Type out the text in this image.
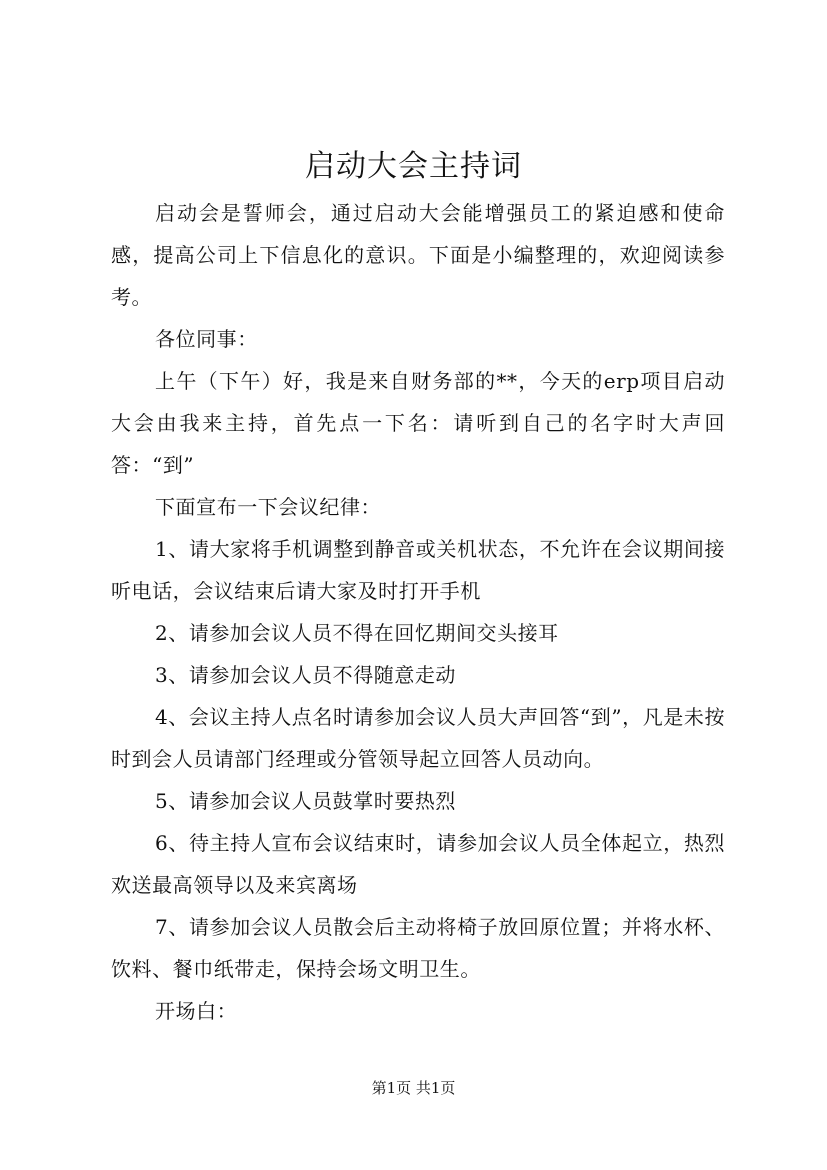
启动大会主持词

启动会是誓师会，通过启动大会能增强员工的紧迫感和使命感，提高公司上下信息化的意识。下面是小编整理的，欢迎阅读参考。

各位同事：

上午（下午）好，我是来自财务部的**，今天的erp项目启动大会由我来主持，首先点一下名：请听到自己的名字时大声回答：“到”

下面宣布一下会议纪律：

1、请大家将手机调整到静音或关机状态，不允许在会议期间接听电话，会议结束后请大家及时打开手机

2、请参加会议人员不得在回忆期间交头接耳

3、请参加会议人员不得随意走动

4、会议主持人点名时请参加会议人员大声回答“到”，凡是未按时到会人员请部门经理或分管领导起立回答人员动向。

5、请参加会议人员鼓掌时要热烈

6、待主持人宣布会议结束时，请参加会议人员全体起立，热烈欢送最高领导以及来宾离场

7、请参加会议人员散会后主动将椅子放回原位置；并将水杯、饮料、餐巾纸带走，保持会场文明卫生。

开场白：

第1页 共1页
